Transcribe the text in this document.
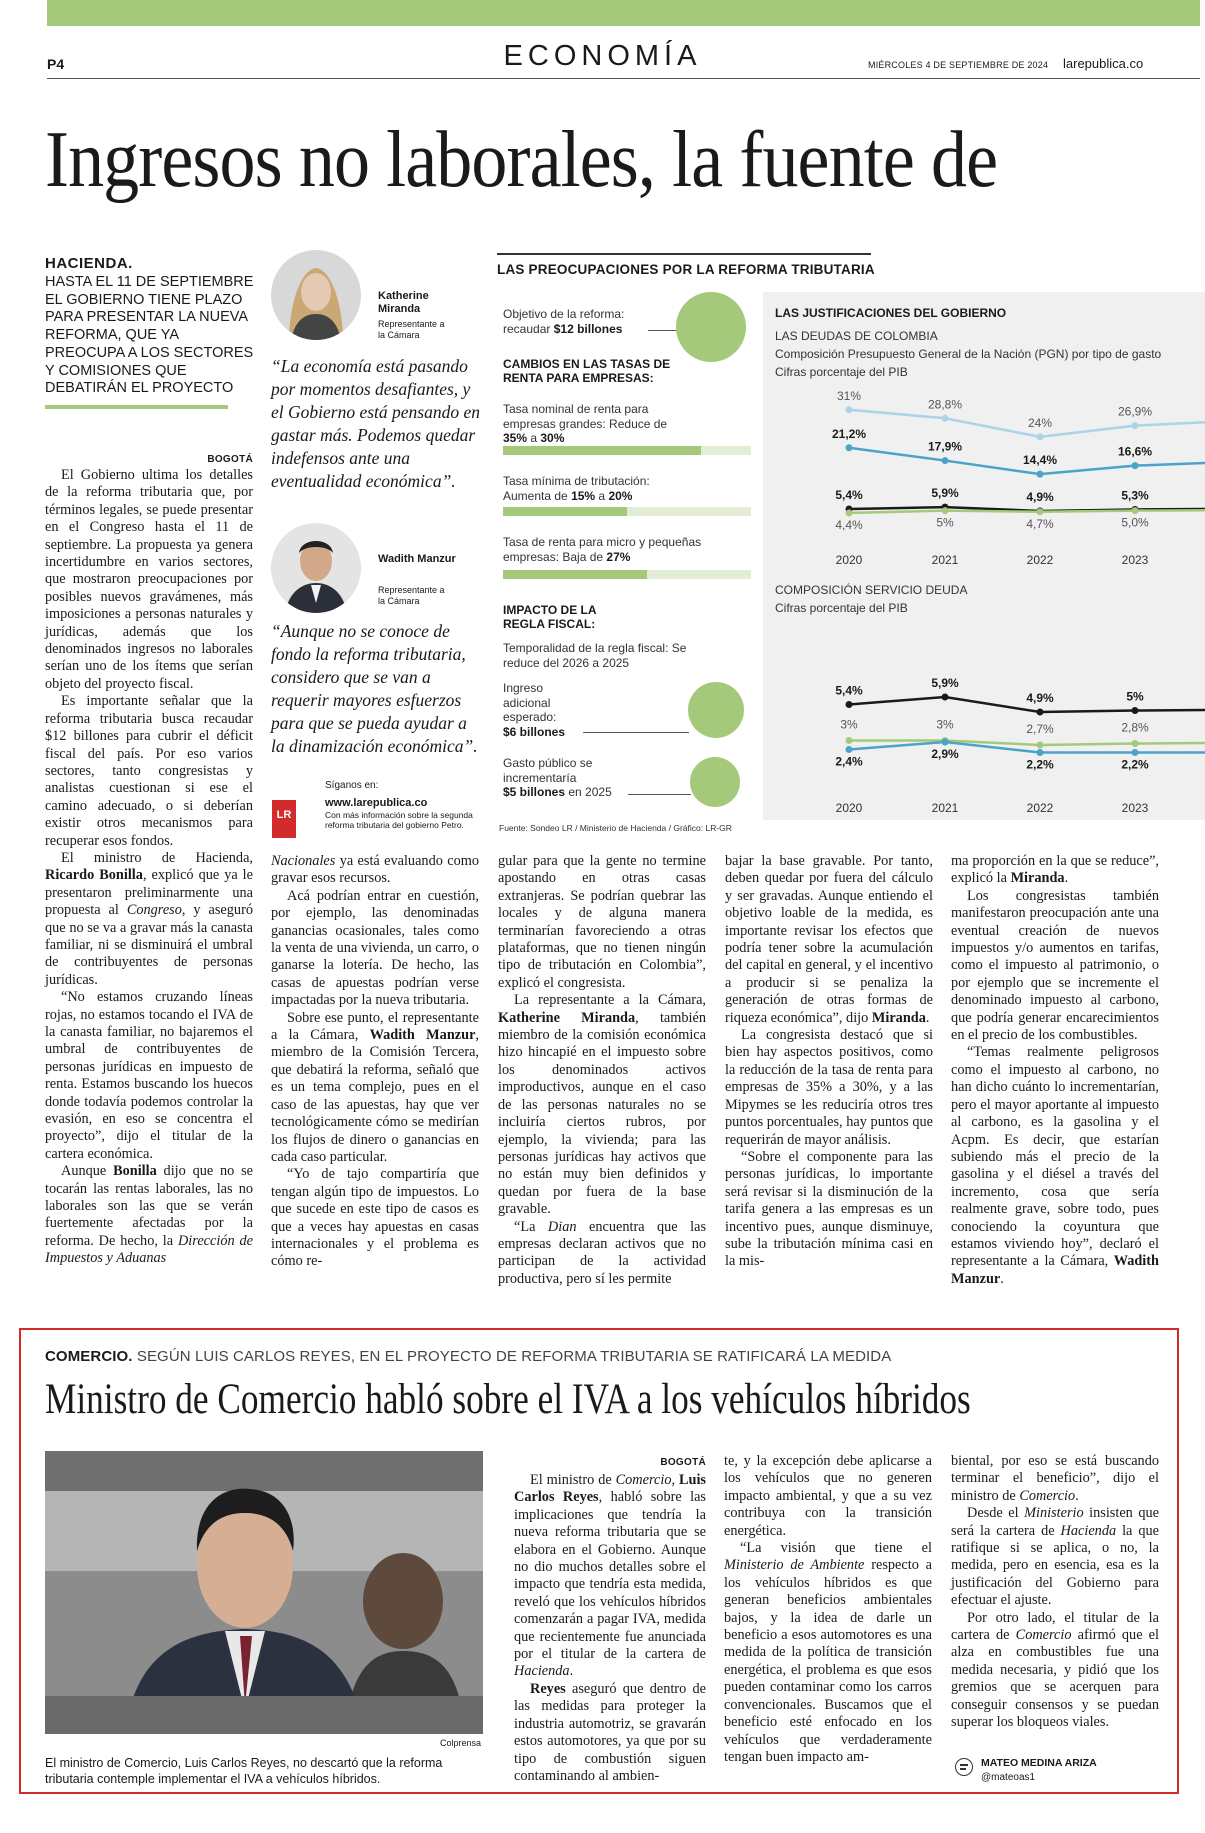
P4	ECONOMÍA	MIÉRCOLES 4 DE SEPTIEMBRE DE 2024 larepublica.co
Ingresos no laborales, la fuente de
HACIENDA.
HASTA EL 11 DE SEPTIEMBRE EL GOBIERNO TIENE PLAZO PARA PRESENTAR LA NUEVA REFORMA, QUE YA PREOCUPA A LOS SECTORES Y COMISIONES QUE DEBATIRÁN EL PROYECTO
Katherine Miranda
Representante a la Cámara
“La economía está pasando por momentos desafiantes, y el Gobierno está pensando en gastar más. Podemos quedar indefensos ante una eventualidad económica”.
Wadith Manzur
Representante a la Cámara
“Aunque no se conoce de fondo la reforma tributaria, considero que se van a requerir mayores esfuerzos para que se pueda ayudar a la dinamización económica”.
LR
Síganos en:
www.larepublica.co
Con más información sobre la segunda reforma tributaria del gobierno Petro.
LAS PREOCUPACIONES POR LA REFORMA TRIBUTARIA
Objetivo de la reforma: recaudar $12 billones
CAMBIOS EN LAS TASAS DE RENTA PARA EMPRESAS:
Tasa nominal de renta para empresas grandes: Reduce de 35% a 30%
Tasa mínima de tributación: Aumenta de 15% a 20%
Tasa de renta para micro y pequeñas empresas: Baja de 27%
IMPACTO DE LA REGLA FISCAL:
Temporalidad de la regla fiscal: Se reduce del 2026 a 2025
Ingreso adicional esperado:
$6 billones
Gasto público se incrementaría
$5 billones en 2025
Fuente: Sondeo LR / Ministerio de Hacienda / Gráfico: LR-GR
LAS JUSTIFICACIONES DEL GOBIERNO
LAS DEUDAS DE COLOMBIA
Composición Presupuesto General de la Nación (PGN) por tipo de gasto
Cifras porcentaje del PIB
31%
28,8%
24%
26,9%
21,2%
17,9%
14,4%
16,6%
5,4%	5,9%	4,9%	5,3%
4,4%	5%	4,7%	5,0%
2020	2021	2022	2023
COMPOSICIÓN SERVICIO DEUDA
Cifras porcentaje del PIB
5,4%
5,9%
4,9%	5%
3%	3%	2,7%	2,8%
2,4%
2,9%
2,2%	2,2%
2020	2021	2022	2023
BOGOTÁ

El Gobierno ultima los detalles de la reforma tributaria que, por términos legales, se puede presentar en el Congreso hasta el 11 de septiembre. La propuesta ya genera incertidumbre en varios sectores, que mostraron preocupaciones por posibles nuevos gravámenes, más imposiciones a personas naturales y jurídicas, además que los denominados ingresos no laborales serían uno de los ítems que serían objeto del proyecto fiscal.

Es importante señalar que la reforma tributaria busca recaudar $12 billones para cubrir el déficit fiscal del país. Por eso varios sectores, tanto congresistas y analistas cuestionan si ese el camino adecuado, o si deberían existir otros mecanismos para recuperar esos fondos.

El ministro de Hacienda, Ricardo Bonilla, explicó que ya le presentaron preliminarmente una propuesta al Congreso, y aseguró que no se va a gravar más la canasta familiar, ni se disminuirá el umbral de contribuyentes de personas jurídicas.

“No estamos cruzando líneas rojas, no estamos tocando el IVA de la canasta familiar, no bajaremos el umbral de contribuyentes de personas jurídicas en impuesto de renta. Estamos buscando los huecos donde todavía podemos controlar la evasión, en eso se concentra el proyecto”, dijo el titular de la cartera económica.

Aunque Bonilla dijo que no se tocarán las rentas laborales, las no laborales son las que se verán fuertemente afectadas por la reforma. De hecho, la Dirección de Impuestos y Aduanas

Nacionales ya está evaluando como gravar esos recursos.

Acá podrían entrar en cuestión, por ejemplo, las denominadas ganancias ocasionales, tales como la venta de una vivienda, un carro, o ganarse la lotería. De hecho, las casas de apuestas podrían verse impactadas por la nueva tributaria.

Sobre ese punto, el representante a la Cámara, Wadith Manzur, miembro de la Comisión Tercera, que debatirá la reforma, señaló que es un tema complejo, pues en el caso de las apuestas, hay que ver tecnológicamente cómo se medirían los flujos de dinero o ganancias en cada caso particular.

“Yo de tajo compartiría que tengan algún tipo de impuestos. Lo que sucede en este tipo de casos es que a veces hay apuestas en casas internacionales y el problema es cómo re-

gular para que la gente no termine apostando en otras casas extranjeras. Se podrían quebrar las locales y de alguna manera terminarían favoreciendo a otras plataformas, que no tienen ningún tipo de tributación en Colombia”, explicó el congresista.

La representante a la Cámara, Katherine Miranda, también miembro de la comisión económica hizo hincapié en el impuesto sobre los denominados activos improductivos, aunque en el caso de las personas naturales no se incluiría ciertos rubros, por ejemplo, la vivienda; para las personas jurídicas hay activos que no están muy bien definidos y quedan por fuera de la base gravable.

“La Dian encuentra que las empresas declaran activos que no participan de la actividad productiva, pero sí les permite

bajar la base gravable. Por tanto, deben quedar por fuera del cálculo y ser gravadas. Aunque entiendo el objetivo loable de la medida, es importante revisar los efectos que podría tener sobre la acumulación del capital en general, y el incentivo a producir si se penaliza la generación de otras formas de riqueza económica”, dijo Miranda.

La congresista destacó que si bien hay aspectos positivos, como la reducción de la tasa de renta para empresas de 35% a 30%, y a las Mipymes se les reduciría otros tres puntos porcentuales, hay puntos que requerirán de mayor análisis.

“Sobre el componente para las personas jurídicas, lo importante será revisar si la disminución de la tarifa genera a las empresas es un incentivo pues, aunque disminuye, sube la tributación mínima casi en la mis-

ma proporción en la que se reduce”, explicó la Miranda.

Los congresistas también manifestaron preocupación ante una eventual creación de nuevos impuestos y/o aumentos en tarifas, como el impuesto al patrimonio, o por ejemplo que se incremente el denominado impuesto al carbono, que podría generar encarecimientos en el precio de los combustibles.

“Temas realmente peligrosos como el impuesto al carbono, no han dicho cuánto lo incrementarían, pero el mayor aportante al impuesto al carbono, es la gasolina y el Acpm. Es decir, que estarían subiendo más el precio de la gasolina y el diésel a través del incremento, cosa que sería realmente grave, sobre todo, pues conociendo la coyuntura que estamos viviendo hoy”, declaró el representante a la Cámara, Wadith Manzur.

COMERCIO. SEGÚN LUIS CARLOS REYES, EN EL PROYECTO DE REFORMA TRIBUTARIA SE RATIFICARÁ LA MEDIDA
Ministro de Comercio habló sobre el IVA a los vehículos híbridos
Colprensa
El ministro de Comercio, Luis Carlos Reyes, no descartó que la reforma tributaria contemple implementar el IVA a vehículos híbridos.
BOGOTÁ

El ministro de Comercio, Luis Carlos Reyes, habló sobre las implicaciones que tendría la nueva reforma tributaria que se elabora en el Gobierno. Aunque no dio muchos detalles sobre el impacto que tendría esta medida, reveló que los vehículos híbridos comenzarán a pagar IVA, medida que recientemente fue anunciada por el titular de la cartera de Hacienda.

Reyes aseguró que dentro de las medidas para proteger la industria automotriz, se gravarán estos automotores, ya que por su tipo de combustión siguen contaminando al ambien-

te, y la excepción debe aplicarse a los vehículos que no generen impacto ambiental, y que a su vez contribuya con la transición energética.

“La visión que tiene el Ministerio de Ambiente respecto a los vehículos híbridos es que generan beneficios ambientales bajos, y la idea de darle un beneficio a esos automotores es una medida de la política de transición energética, el problema es que esos pueden contaminar como los carros convencionales. Buscamos que el beneficio esté enfocado en los vehículos que verdaderamente tengan buen impacto am-

biental, por eso se está buscando terminar el beneficio”, dijo el ministro de Comercio.

Desde el Ministerio insisten que será la cartera de Hacienda la que ratifique si se aplica, o no, la medida, pero en esencia, esa es la justificación del Gobierno para efectuar el ajuste.

Por otro lado, el titular de la cartera de Comercio afirmó que el alza en combustibles fue una medida necesaria, y pidió que los gremios que se acerquen para conseguir consensos y se puedan superar los bloqueos viales.

MATEO MEDINA ARIZA
@mateoas1
